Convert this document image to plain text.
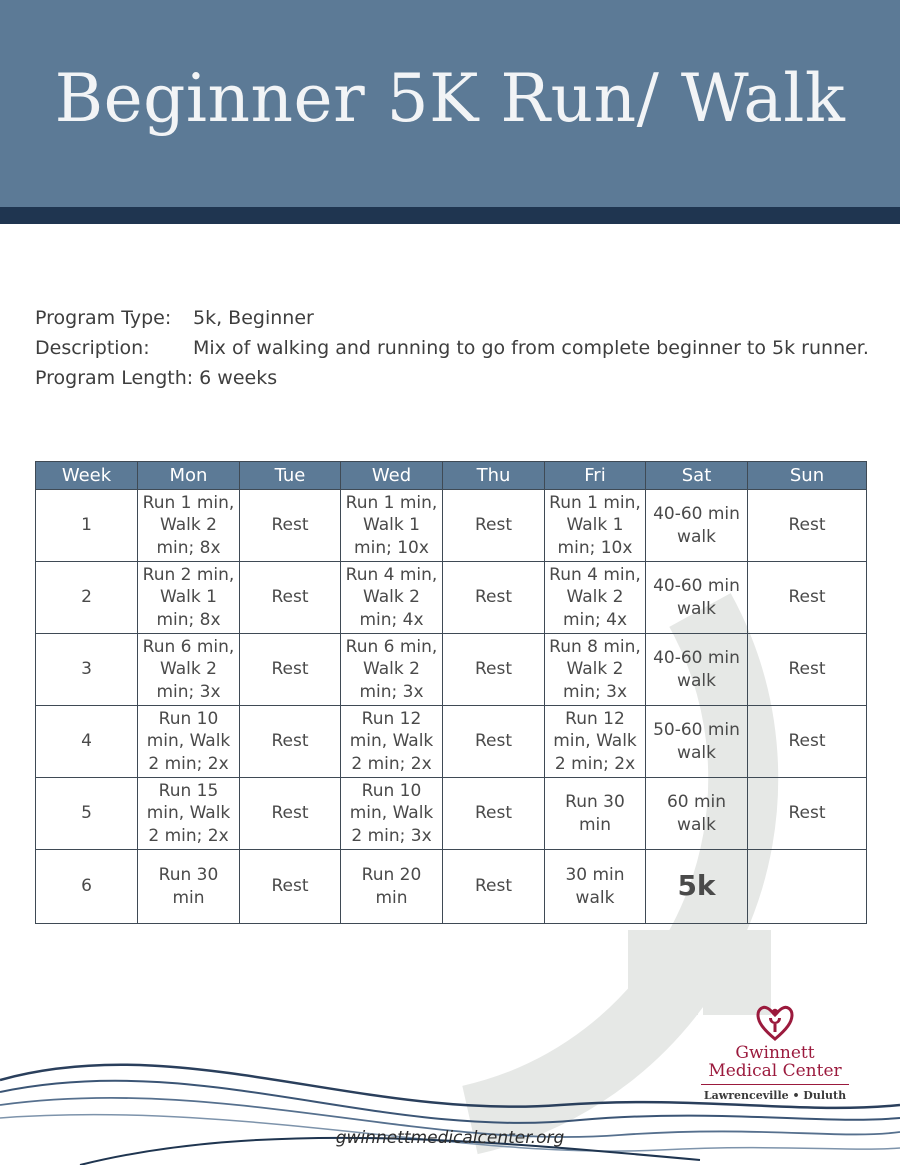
Beginner 5K Run/ Walk
Program Type: 5k, Beginner
Description: Mix of walking and running to go from complete beginner to 5k runner.
Program Length: 6 weeks
Week	Mon	Tue	Wed	Thu	Fri	Sat	Sun
1	Run 1 min, Walk 2 min; 8x	Rest	Run 1 min, Walk 1 min; 10x	Rest	Run 1 min, Walk 1 min; 10x	40-60 min walk	Rest
2	Run 2 min, Walk 1 min; 8x	Rest	Run 4 min, Walk 2 min; 4x	Rest	Run 4 min, Walk 2 min; 4x	40-60 min walk	Rest
3	Run 6 min, Walk 2 min; 3x	Rest	Run 6 min, Walk 2 min; 3x	Rest	Run 8 min, Walk 2 min; 3x	40-60 min walk	Rest
4	Run 10 min, Walk 2 min; 2x	Rest	Run 12 min, Walk 2 min; 2x	Rest	Run 12 min, Walk 2 min; 2x	50-60 min walk	Rest
5	Run 15 min, Walk 2 min; 2x	Rest	Run 10 min, Walk 2 min; 3x	Rest	Run 30 min	60 min walk	Rest
6	Run 30 min	Rest	Run 20 min	Rest	30 min walk	5k	
Gwinnett
Medical Center
Lawrenceville • Duluth
gwinnettmedicalcenter.org
